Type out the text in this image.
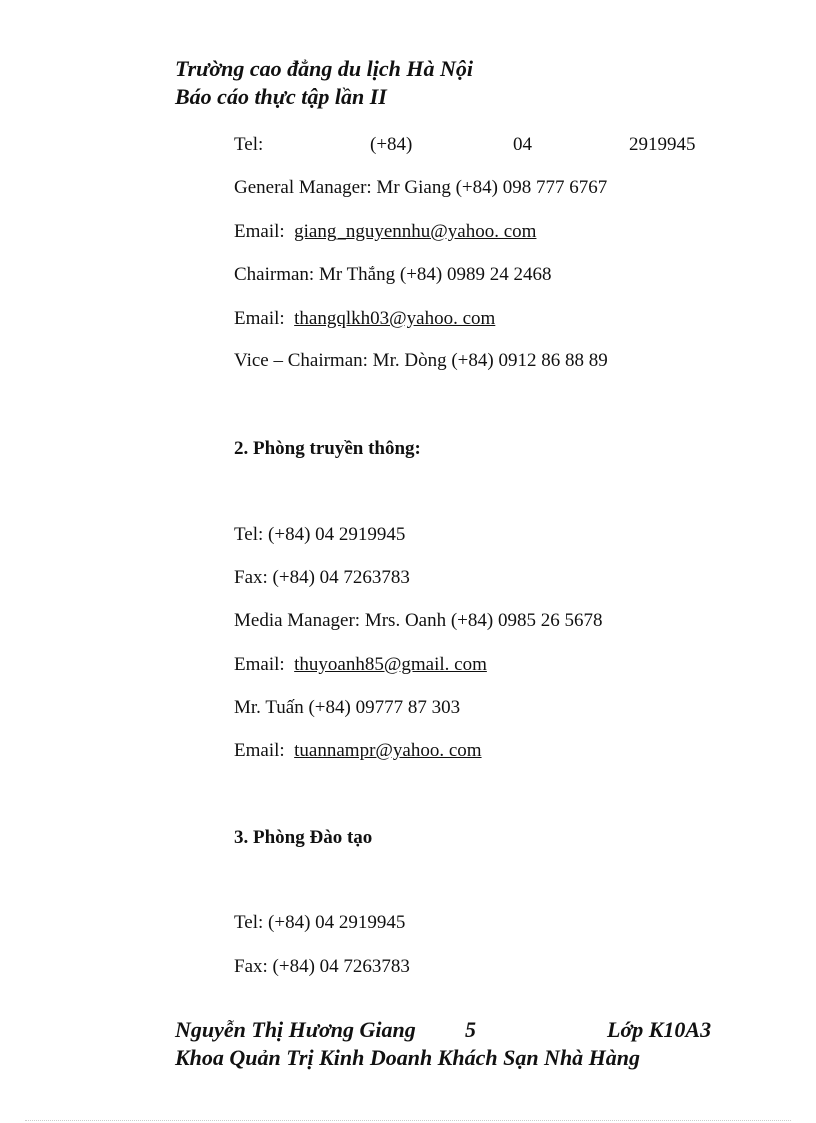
Trường cao đẳng du lịch Hà Nội
Báo cáo thực tập lần II
Tel:	(+84)	04	2919945
General Manager: Mr Giang (+84) 098 777 6767
Email: giang_nguyennhu@yahoo. com
Chairman: Mr Thắng (+84) 0989 24 2468
Email: thangqlkh03@yahoo. com
Vice – Chairman: Mr. Dòng (+84) 0912 86 88 89
2. Phòng truyền thông:
Tel: (+84) 04 2919945
Fax: (+84) 04 7263783
Media Manager: Mrs. Oanh (+84) 0985 26 5678
Email: thuyoanh85@gmail. com
Mr. Tuấn (+84) 09777 87 303
Email: tuannampr@yahoo. com
3. Phòng Đào tạo
Tel: (+84) 04 2919945
Fax: (+84) 04 7263783
Nguyễn Thị Hương Giang 5	Lớp K10A3
Khoa Quản Trị Kinh Doanh Khách Sạn Nhà Hàng
